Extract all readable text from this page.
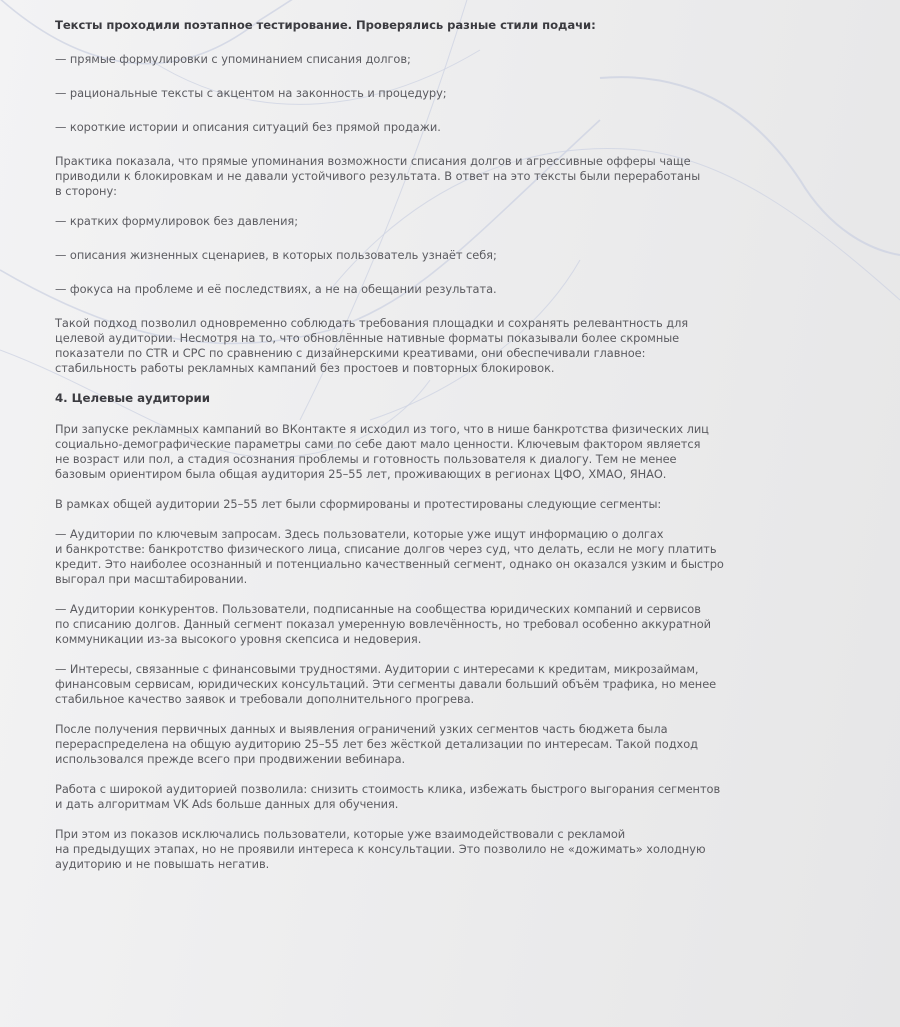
Тексты проходили поэтапное тестирование. Проверялись разные стили подачи:

— прямые формулировки с упоминанием списания долгов;

— рациональные тексты с акцентом на законность и процедуру;

— короткие истории и описания ситуаций без прямой продажи.

Практика показала, что прямые упоминания возможности списания долгов и агрессивные офферы чаще

приводили к блокировкам и не давали устойчивого результата. В ответ на это тексты были переработаны

в сторону:

— кратких формулировок без давления;

— описания жизненных сценариев, в которых пользователь узнаёт себя;

— фокуса на проблеме и её последствиях, а не на обещании результата.

Такой подход позволил одновременно соблюдать требования площадки и сохранять релевантность для

целевой аудитории. Несмотря на то, что обновлённые нативные форматы показывали более скромные

показатели по CTR и CPC по сравнению с дизайнерскими креативами, они обеспечивали главное:

стабильность работы рекламных кампаний без простоев и повторных блокировок.

4. Целевые аудитории

При запуске рекламных кампаний во ВКонтакте я исходил из того, что в нише банкротства физических лиц

социально-демографические параметры сами по себе дают мало ценности. Ключевым фактором является

не возраст или пол, а стадия осознания проблемы и готовность пользователя к диалогу. Тем не менее

базовым ориентиром была общая аудитория 25–55 лет, проживающих в регионах ЦФО, ХМАО, ЯНАО.

В рамках общей аудитории 25–55 лет были сформированы и протестированы следующие сегменты:

— Аудитории по ключевым запросам. Здесь пользователи, которые уже ищут информацию о долгах

и банкротстве: банкротство физического лица, списание долгов через суд, что делать, если не могу платить

кредит. Это наиболее осознанный и потенциально качественный сегмент, однако он оказался узким и быстро

выгорал при масштабировании.

— Аудитории конкурентов. Пользователи, подписанные на сообщества юридических компаний и сервисов

по списанию долгов. Данный сегмент показал умеренную вовлечённость, но требовал особенно аккуратной

коммуникации из-за высокого уровня скепсиса и недоверия.

— Интересы, связанные с финансовыми трудностями. Аудитории с интересами к кредитам, микрозаймам,

финансовым сервисам, юридических консультаций. Эти сегменты давали больший объём трафика, но менее

стабильное качество заявок и требовали дополнительного прогрева.

После получения первичных данных и выявления ограничений узких сегментов часть бюджета была

перераспределена на общую аудиторию 25–55 лет без жёсткой детализации по интересам. Такой подход

использовался прежде всего при продвижении вебинара.

Работа с широкой аудиторией позволила: снизить стоимость клика, избежать быстрого выгорания сегментов

и дать алгоритмам VK Ads больше данных для обучения.

При этом из показов исключались пользователи, которые уже взаимодействовали с рекламой

на предыдущих этапах, но не проявили интереса к консультации. Это позволило не «дожимать» холодную

аудиторию и не повышать негатив.
